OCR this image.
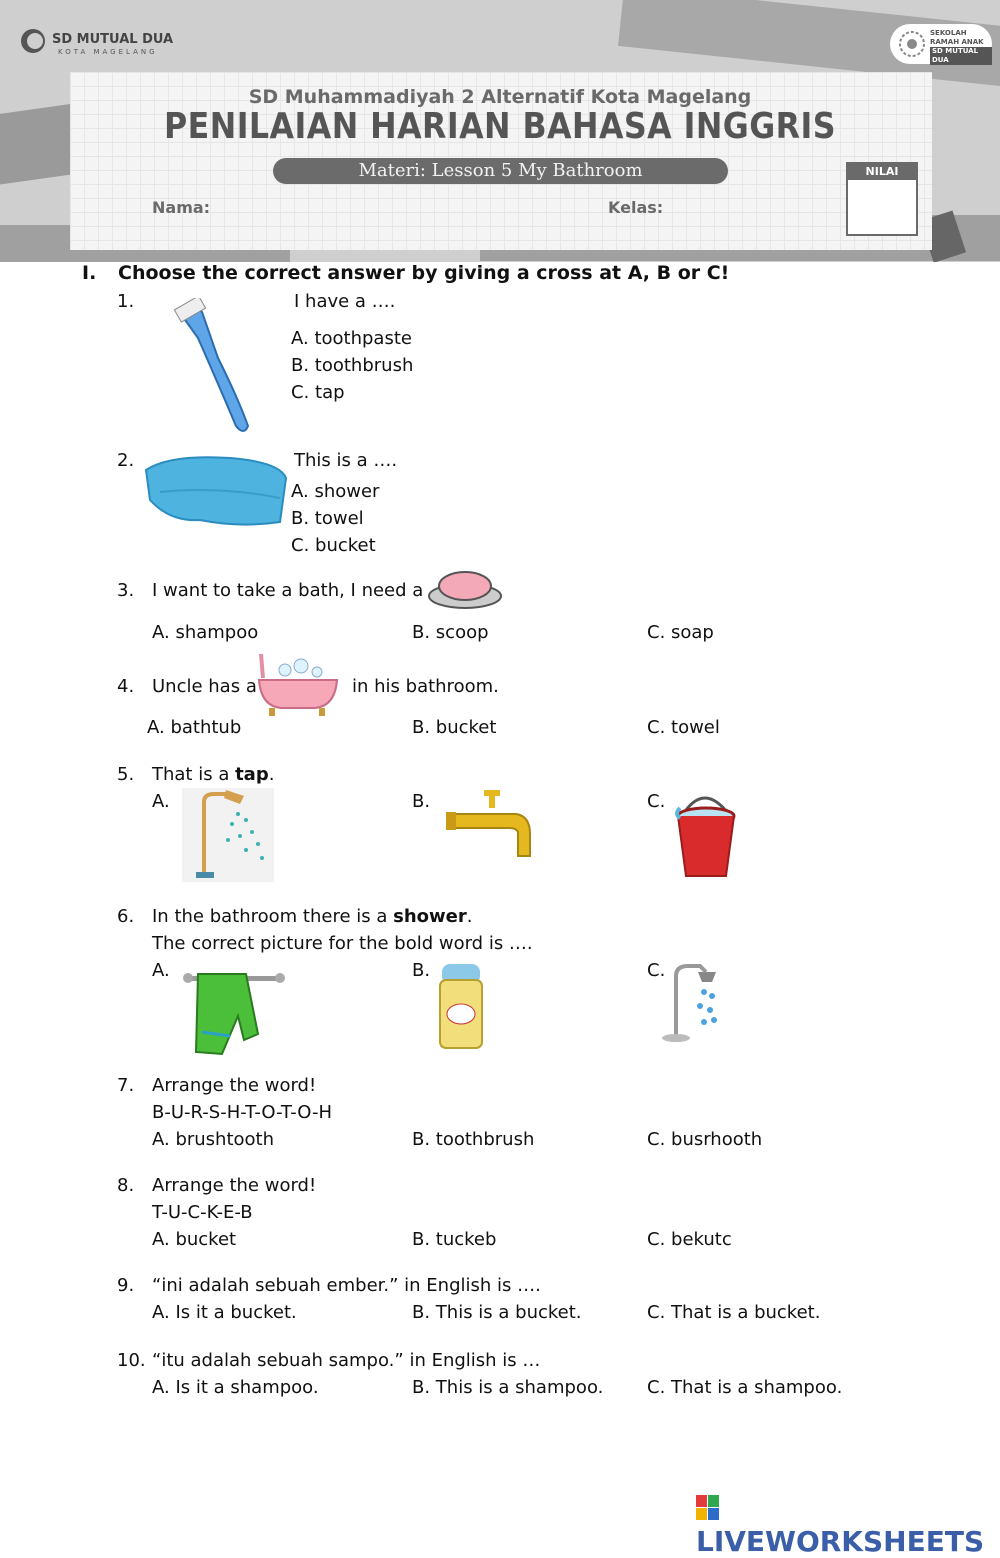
SD MUTUAL DUA
KOTA MAGELANG
SEKOLAH
RAMAH ANAK
SD MUTUAL DUA
SD Muhammadiyah 2 Alternatif Kota Magelang
PENILAIAN HARIAN BAHASA INGGRIS
Materi: Lesson 5 My Bathroom
Nama:	Kelas:
NILAI
I. Choose the correct answer by giving a cross at A, B or C!
1.	I have a ….
A. toothpaste
B. toothbrush
C. tap
2.	This is a ….
A. shower
B. towel
C. bucket
3. I want to take a bath, I need a
A. shampoo	B. scoop	C. soap
4. Uncle has a	in his bathroom.
A. bathtub	B. bucket	C. towel
5. That is a tap.
A.	B.	C.
6. In the bathroom there is a shower.
The correct picture for the bold word is ….
A.	B.	C.
7. Arrange the word!
B-U-R-S-H-T-O-T-O-H
A. brushtooth	B. toothbrush	C. busrhooth
8. Arrange the word!
T-U-C-K-E-B
A. bucket	B. tuckeb	C. bekutc
9. “ini adalah sebuah ember.” in English is ….
A. Is it a bucket.	B. This is a bucket.	C. That is a bucket.
10. “itu adalah sebuah sampo.” in English is …
A. Is it a shampoo.	B. This is a shampoo. C. That is a shampoo.
LIVEWORKSHEETS
